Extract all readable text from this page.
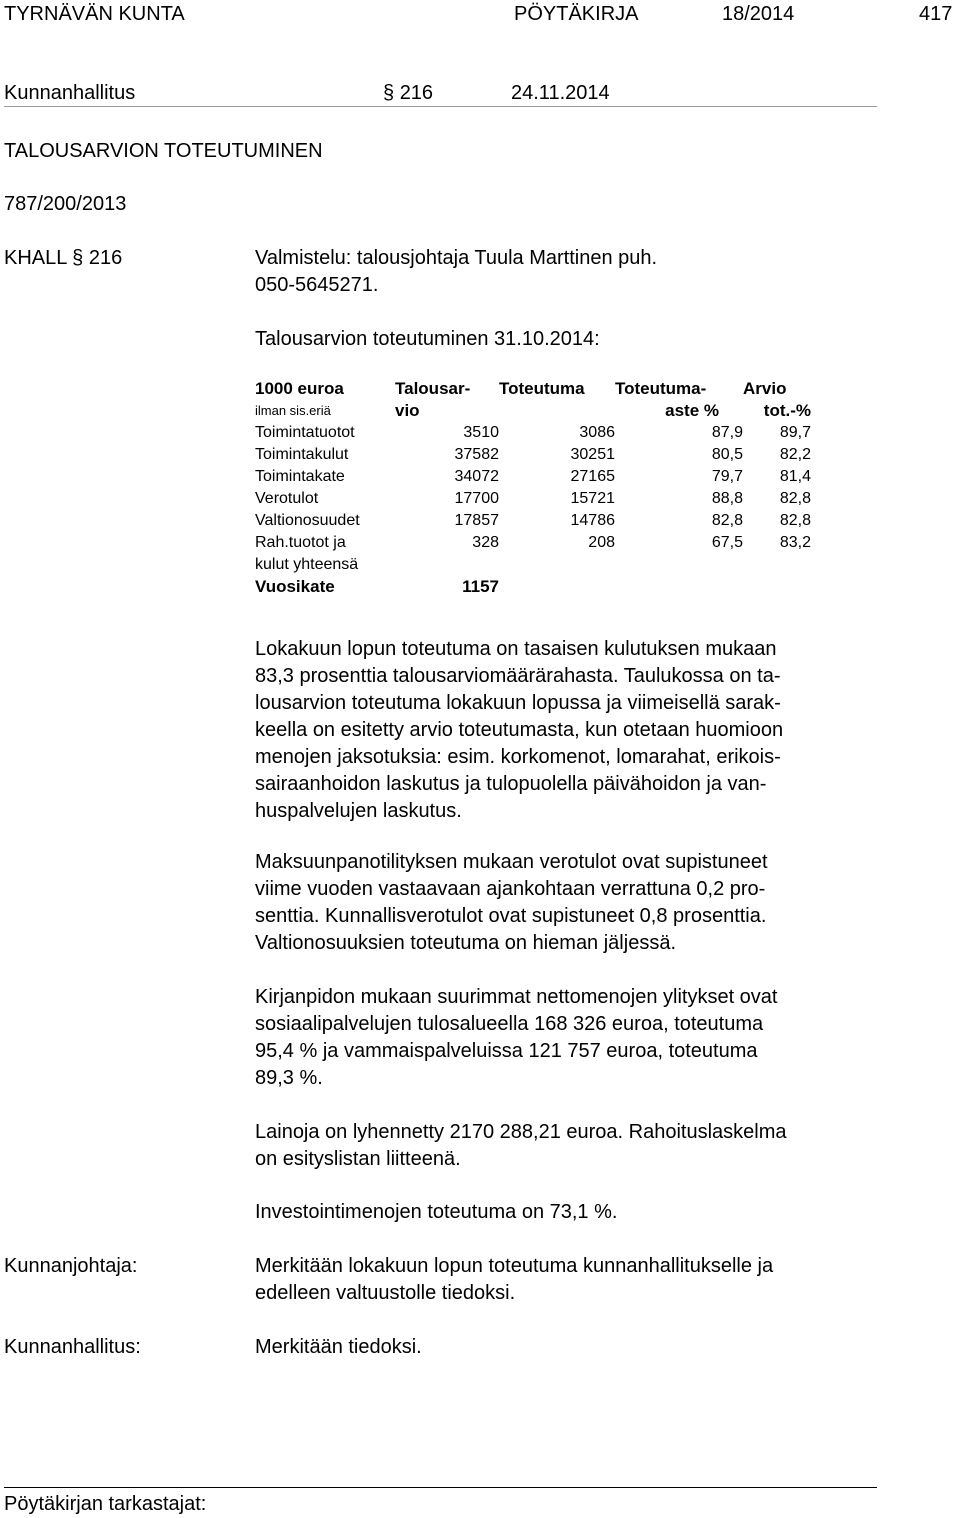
TYRNÄVÄN KUNTA	PÖYTÄKIRJA	18/2014	417
Kunnanhallitus	§ 216	24.11.2014
TALOUSARVION TOTEUTUMINEN
787/200/2013
KHALL § 216	Valmistelu: talousjohtaja Tuula Marttinen puh.
050-5645271.
Talousarvion toteutuminen 31.10.2014:
1000 euroa	Talousar-	Toteutuma	Toteutuma-	Arvio
ilman sis.eriä	vio		aste %	tot.-%
Toimintatuotot	3510	3086	87,9	89,7
Toimintakulut	37582	30251	80,5	82,2
Toimintakate	34072	27165	79,7	81,4
Verotulot	17700	15721	88,8	82,8
Valtionosuudet	17857	14786	82,8	82,8
Rah.tuotot ja	328	208	67,5	83,2
kulut yhteensä				
Vuosikate	1157			
Lokakuun lopun toteutuma on tasaisen kulutuksen mukaan
83,3 prosenttia talousarviomäärärahasta. Taulukossa on ta-
lousarvion toteutuma lokakuun lopussa ja viimeisellä sarak-
keella on esitetty arvio toteutumasta, kun otetaan huomioon
menojen jaksotuksia: esim. korkomenot, lomarahat, erikois-
sairaanhoidon laskutus ja tulopuolella päivähoidon ja van-
huspalvelujen laskutus.
Maksuunpanotilityksen mukaan verotulot ovat supistuneet
viime vuoden vastaavaan ajankohtaan verrattuna 0,2 pro-
senttia. Kunnallisverotulot ovat supistuneet 0,8 prosenttia.
Valtionosuuksien toteutuma on hieman jäljessä.
Kirjanpidon mukaan suurimmat nettomenojen ylitykset ovat
sosiaalipalvelujen tulosalueella 168 326 euroa, toteutuma
95,4 % ja vammaispalveluissa 121 757 euroa, toteutuma
89,3 %.
Lainoja on lyhennetty 2170 288,21 euroa. Rahoituslaskelma
on esityslistan liitteenä.
Investointimenojen toteutuma on 73,1 %.
Kunnanjohtaja:	Merkitään lokakuun lopun toteutuma kunnanhallitukselle ja
edelleen valtuustolle tiedoksi.
Kunnanhallitus:	Merkitään tiedoksi.
Pöytäkirjan tarkastajat:
